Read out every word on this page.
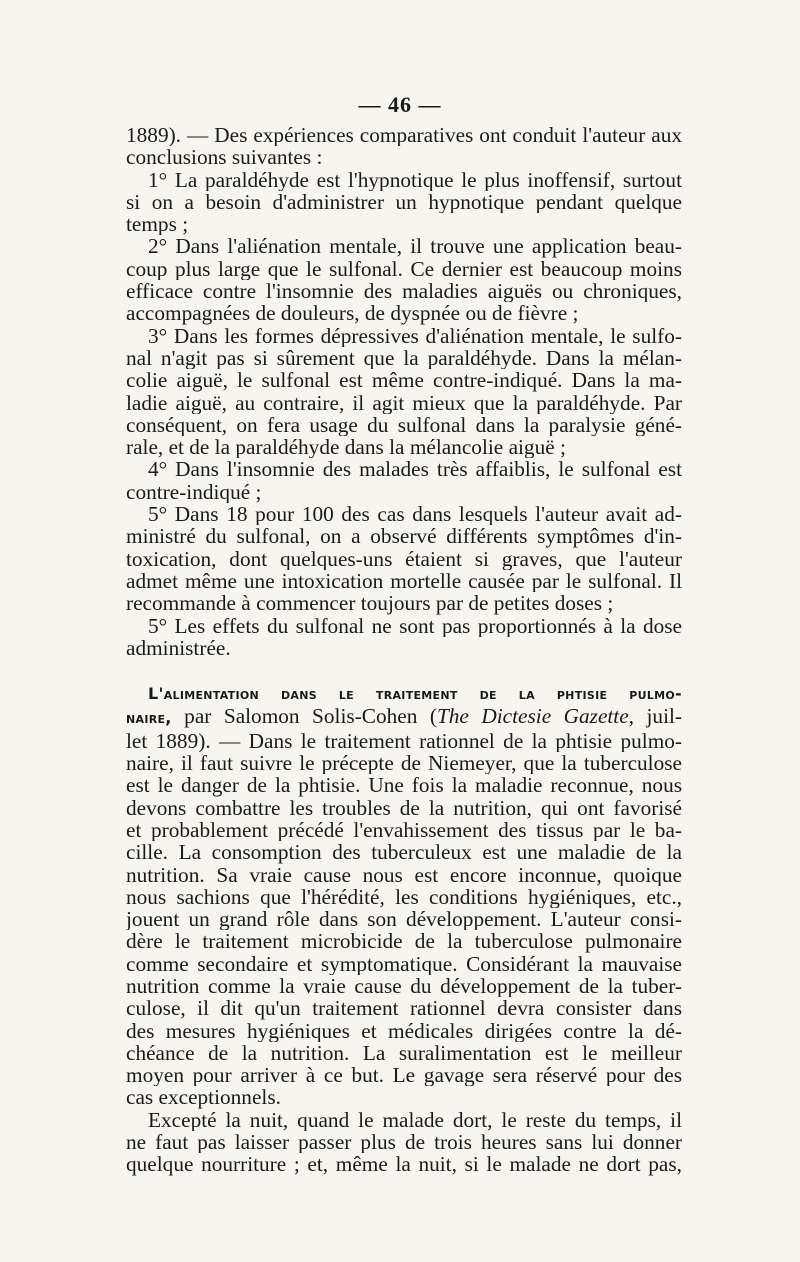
— 46 —
1889). — Des expériences comparatives ont conduit l'auteur aux
conclusions suivantes :
1° La paraldéhyde est l'hypnotique le plus inoffensif, surtout
si on a besoin d'administrer un hypnotique pendant quelque
temps ;
2° Dans l'aliénation mentale, il trouve une application beau-
coup plus large que le sulfonal. Ce dernier est beaucoup moins
efficace contre l'insomnie des maladies aiguës ou chroniques,
accompagnées de douleurs, de dyspnée ou de fièvre ;
3° Dans les formes dépressives d'aliénation mentale, le sulfo-
nal n'agit pas si sûrement que la paraldéhyde. Dans la mélan-
colie aiguë, le sulfonal est même contre-indiqué. Dans la ma-
ladie aiguë, au contraire, il agit mieux que la paraldéhyde. Par
conséquent, on fera usage du sulfonal dans la paralysie géné-
rale, et de la paraldéhyde dans la mélancolie aiguë ;
4° Dans l'insomnie des malades très affaiblis, le sulfonal est
contre-indiqué ;
5° Dans 18 pour 100 des cas dans lesquels l'auteur avait ad-
ministré du sulfonal, on a observé différents symptômes d'in-
toxication, dont quelques-uns étaient si graves, que l'auteur
admet même une intoxication mortelle causée par le sulfonal. Il
recommande à commencer toujours par de petites doses ;
5° Les effets du sulfonal ne sont pas proportionnés à la dose
administrée.
L'alimentation dans le traitement de la phtisie pulmo-
naire, par Salomon Solis-Cohen (The Dictesie Gazette, juil-
let 1889). — Dans le traitement rationnel de la phtisie pulmo-
naire, il faut suivre le précepte de Niemeyer, que la tuberculose
est le danger de la phtisie. Une fois la maladie reconnue, nous
devons combattre les troubles de la nutrition, qui ont favorisé
et probablement précédé l'envahissement des tissus par le ba-
cille. La consomption des tuberculeux est une maladie de la
nutrition. Sa vraie cause nous est encore inconnue, quoique
nous sachions que l'hérédité, les conditions hygiéniques, etc.,
jouent un grand rôle dans son développement. L'auteur consi-
dère le traitement microbicide de la tuberculose pulmonaire
comme secondaire et symptomatique. Considérant la mauvaise
nutrition comme la vraie cause du développement de la tuber-
culose, il dit qu'un traitement rationnel devra consister dans
des mesures hygiéniques et médicales dirigées contre la dé-
chéance de la nutrition. La suralimentation est le meilleur
moyen pour arriver à ce but. Le gavage sera réservé pour des
cas exceptionnels.
Excepté la nuit, quand le malade dort, le reste du temps, il
ne faut pas laisser passer plus de trois heures sans lui donner
quelque nourriture ; et, même la nuit, si le malade ne dort pas,
